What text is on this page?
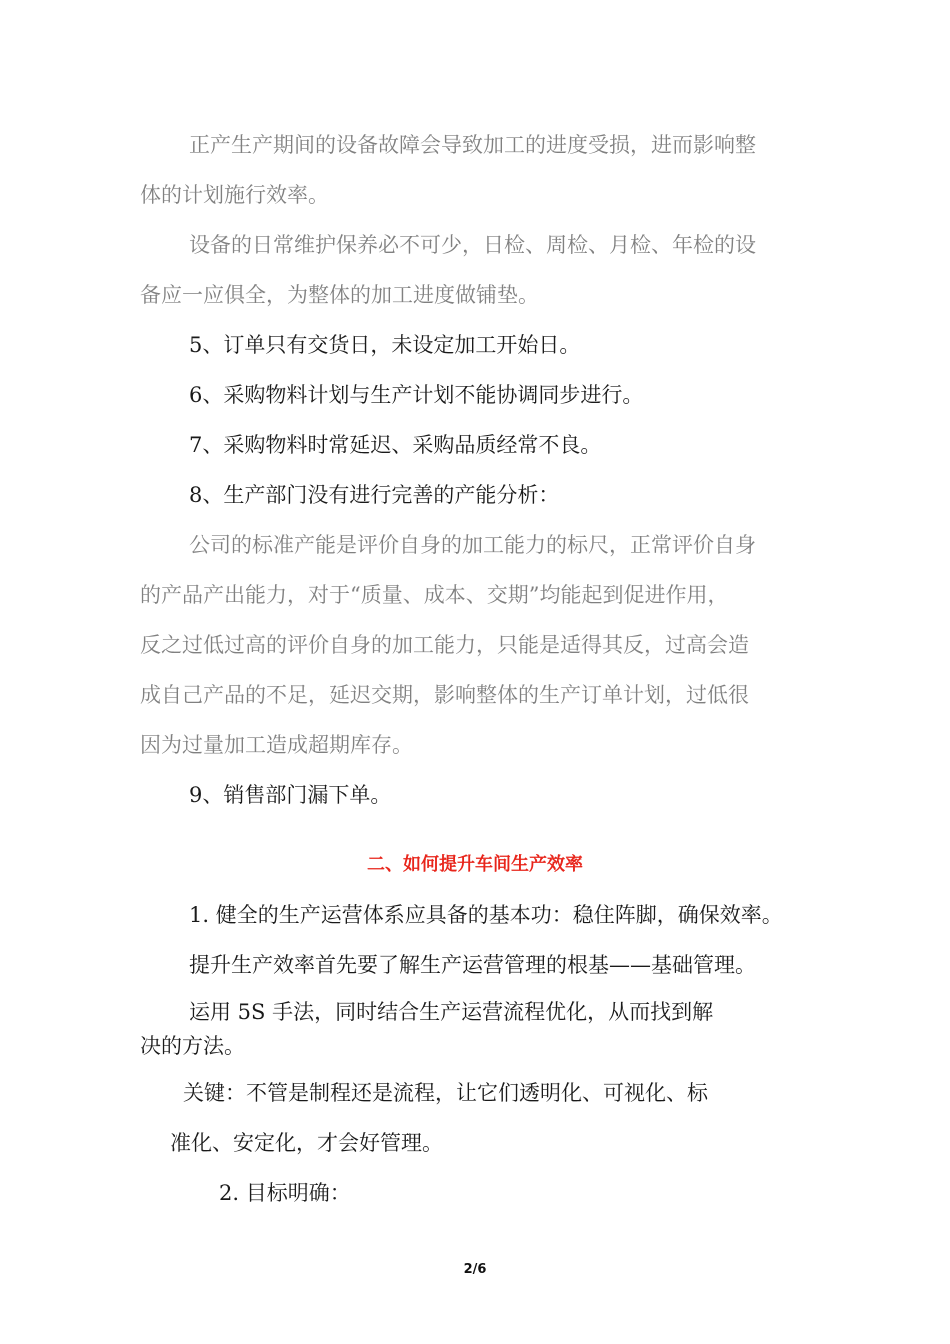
正产生产期间的设备故障会导致加工的进度受损，进而影响整
体的计划施行效率。
设备的日常维护保养必不可少，日检、周检、月检、年检的设
备应一应俱全，为整体的加工进度做铺垫。
5、订单只有交货日，未设定加工开始日。
6、采购物料计划与生产计划不能协调同步进行。
7、采购物料时常延迟、采购品质经常不良。
8、生产部门没有进行完善的产能分析：
公司的标准产能是评价自身的加工能力的标尺，正常评价自身
的产品产出能力，对于“质量、成本、交期”均能起到促进作用，
反之过低过高的评价自身的加工能力，只能是适得其反，过高会造
成自己产品的不足，延迟交期，影响整体的生产订单计划，过低很
因为过量加工造成超期库存。
9、销售部门漏下单。
二、如何提升车间生产效率
1. 健全的生产运营体系应具备的基本功：稳住阵脚，确保效率。
提升生产效率首先要了解生产运营管理的根基——基础管理。
运用 5S 手法，同时结合生产运营流程优化，从而找到解
决的方法。
关键：不管是制程还是流程，让它们透明化、可视化、标
准化、安定化，才会好管理。
2. 目标明确：
2/6
